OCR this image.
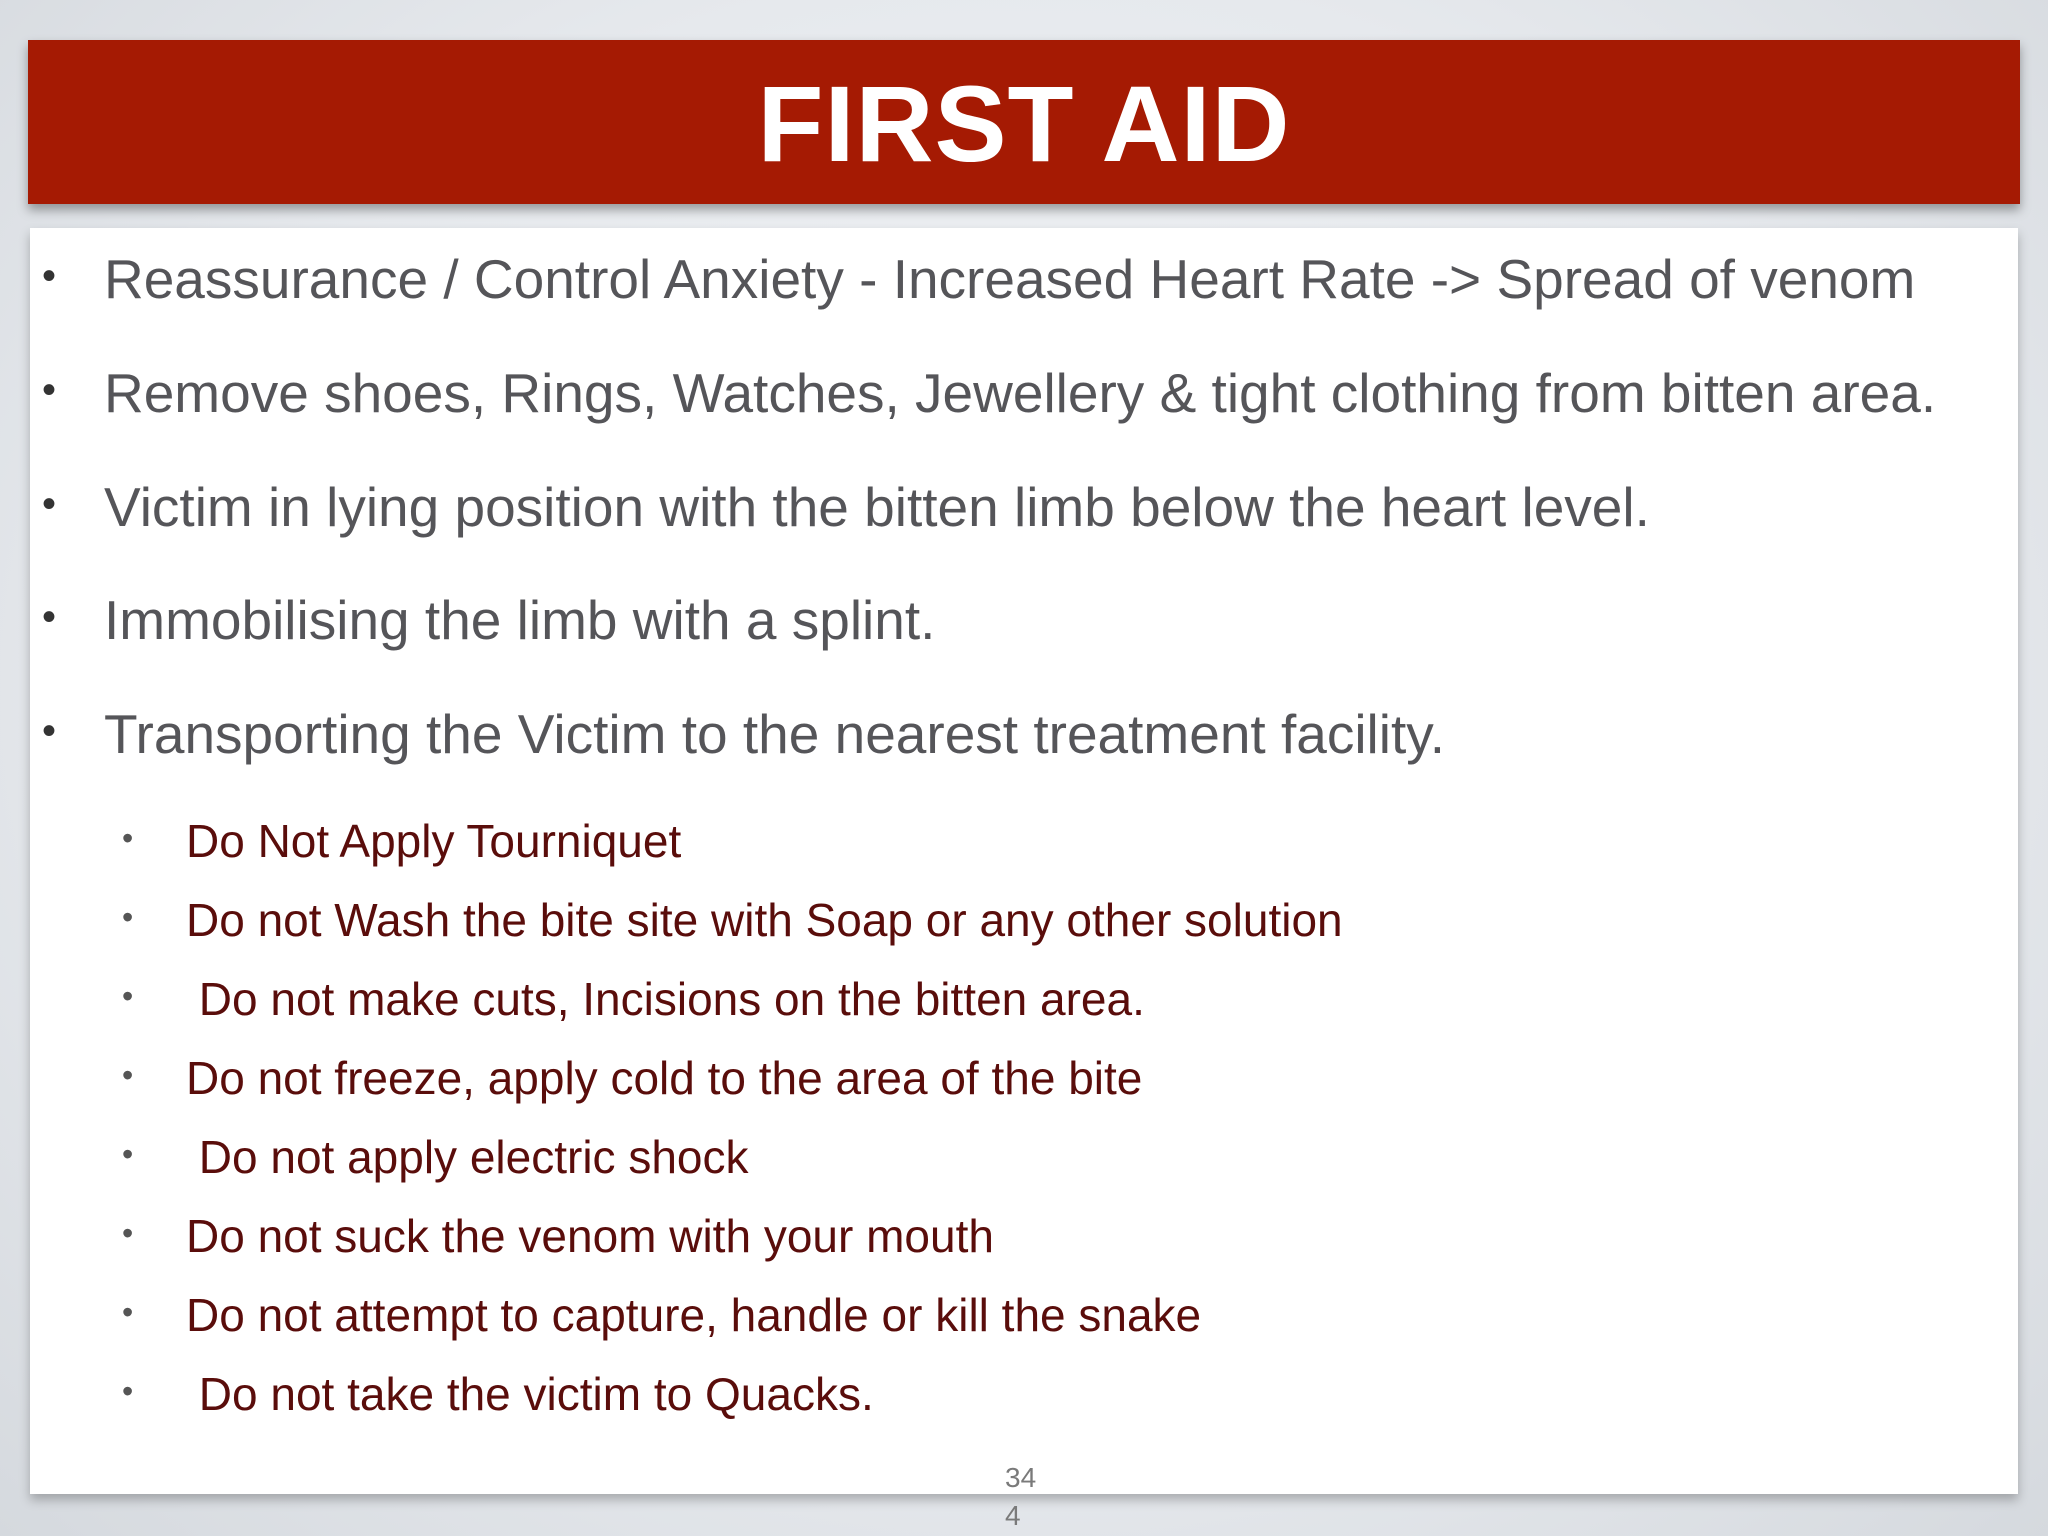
FIRST AID
• Reassurance / Control Anxiety - Increased Heart Rate -> Spread of venom
• Remove shoes, Rings, Watches, Jewellery & tight clothing from bitten area.
• Victim in lying position with the bitten limb below the heart level.
• Immobilising the limb with a splint.
• Transporting the Victim to the nearest treatment facility.
• Do Not Apply Tourniquet
• Do not Wash the bite site with Soap or any other solution
• Do not make cuts, Incisions on the bitten area.
• Do not freeze, apply cold to the area of the bite
• Do not apply electric shock
• Do not suck the venom with your mouth
• Do not attempt to capture, handle or kill the snake
• Do not take the victim to Quacks.
34
4
